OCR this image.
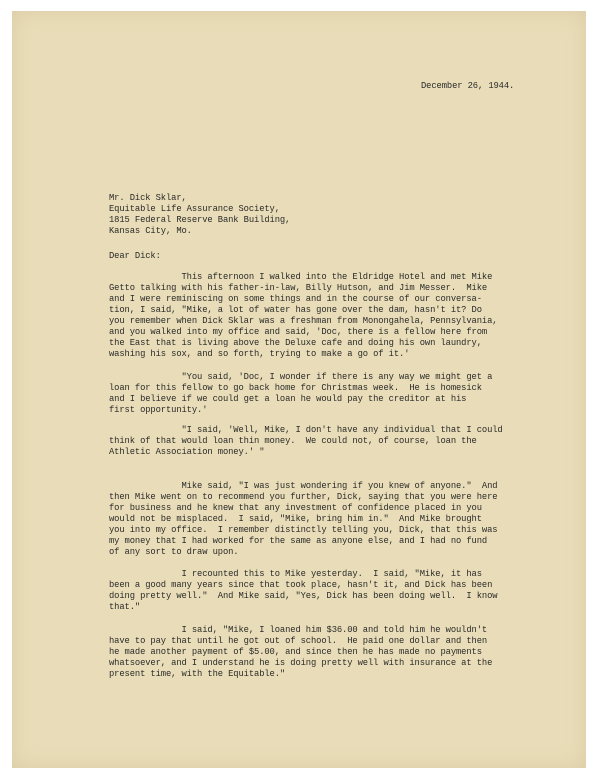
December 26, 1944.
Mr. Dick Sklar,
Equitable Life Assurance Society,
1815 Federal Reserve Bank Building,
Kansas City, Mo.
Dear Dick:
This afternoon I walked into the Eldridge Hotel and met Mike
Getto talking with his father-in-law, Billy Hutson, and Jim Messer.  Mike
and I were reminiscing on some things and in the course of our conversa-
tion, I said, "Mike, a lot of water has gone over the dam, hasn't it? Do
you remember when Dick Sklar was a freshman from Monongahela, Pennsylvania,
and you walked into my office and said, 'Doc, there is a fellow here from
the East that is living above the Deluxe cafe and doing his own laundry,
washing his sox, and so forth, trying to make a go of it.'
"You said, 'Doc, I wonder if there is any way we might get a
loan for this fellow to go back home for Christmas week.  He is homesick
and I believe if we could get a loan he would pay the creditor at his
first opportunity.'
"I said, 'Well, Mike, I don't have any individual that I could
think of that would loan thin money.  We could not, of course, loan the
Athletic Association money.' "
Mike said, "I was just wondering if you knew of anyone."  And
then Mike went on to recommend you further, Dick, saying that you were here
for business and he knew that any investment of confidence placed in you
would not be misplaced.  I said, "Mike, bring him in."  And Mike brought
you into my office.  I remember distinctly telling you, Dick, that this was
my money that I had worked for the same as anyone else, and I had no fund
of any sort to draw upon.
I recounted this to Mike yesterday.  I said, "Mike, it has
been a good many years since that took place, hasn't it, and Dick has been
doing pretty well."  And Mike said, "Yes, Dick has been doing well.  I know
that."
I said, "Mike, I loaned him $36.00 and told him he wouldn't
have to pay that until he got out of school.  He paid one dollar and then
he made another payment of $5.00, and since then he has made no payments
whatsoever, and I understand he is doing pretty well with insurance at the
present time, with the Equitable."
